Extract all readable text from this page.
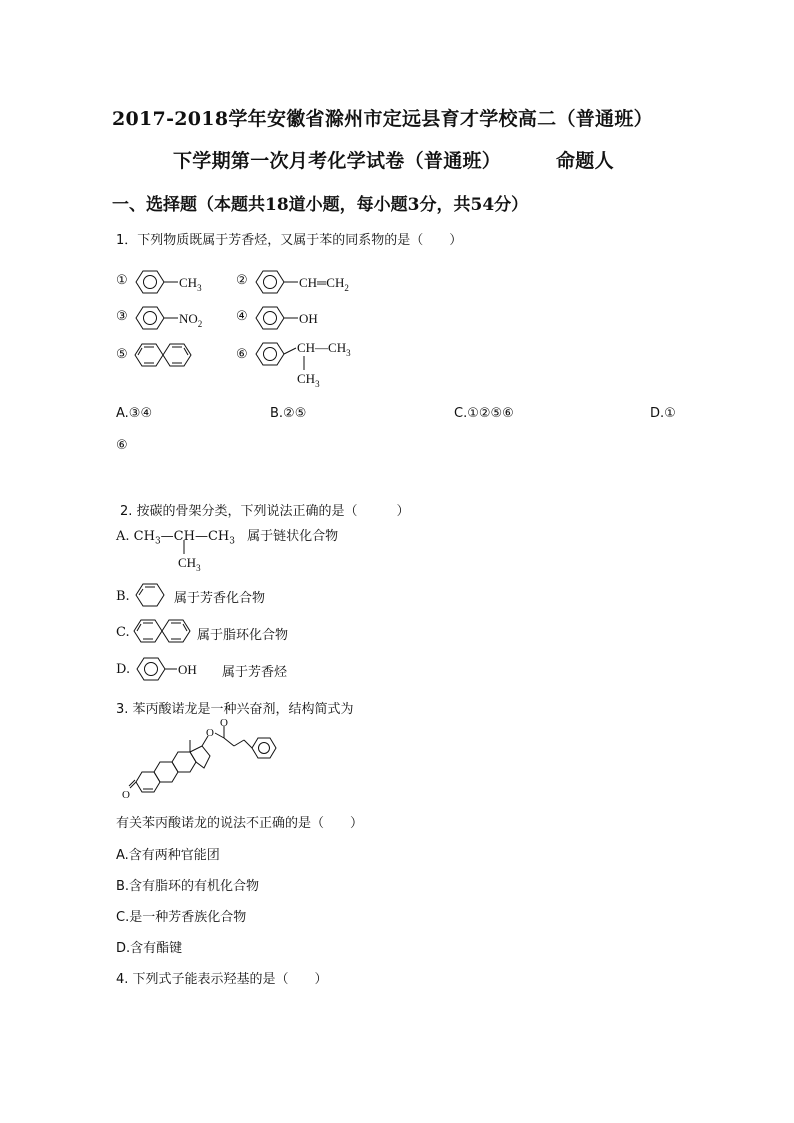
2017-2018学年安徽省滁州市定远县育才学校高二（普通班）
下学期第一次月考化学试卷（普通班）	命题人
一、选择题（本题共18道小题，每小题3分，共54分）
1．下列物质既属于芳香烃，又属于苯的同系物的是（　　）
①	$CH_3$	②	$CH═CH_2$
③	$NO_2$	④	OH
⑤	⑥	$CH—CH_3$
$CH_3$
A.③④	B.②⑤	C.①②⑤⑥	D.①
⑥
2. 按碳的骨架分类，下列说法正确的是（　　　）
A. $CH_3—CH—CH_3$ 属于链状化合物
$CH_3$
B.	属于芳香化合物
C.	属于脂环化合物
D.	OH 属于芳香烃
3. 苯丙酸诺龙是一种兴奋剂，结构简式为
O
O
O
有关苯丙酸诺龙的说法不正确的是（　　）
A.含有两种官能团
B.含有脂环的有机化合物
C.是一种芳香族化合物
D.含有酯键
4. 下列式子能表示羟基的是（　　）
